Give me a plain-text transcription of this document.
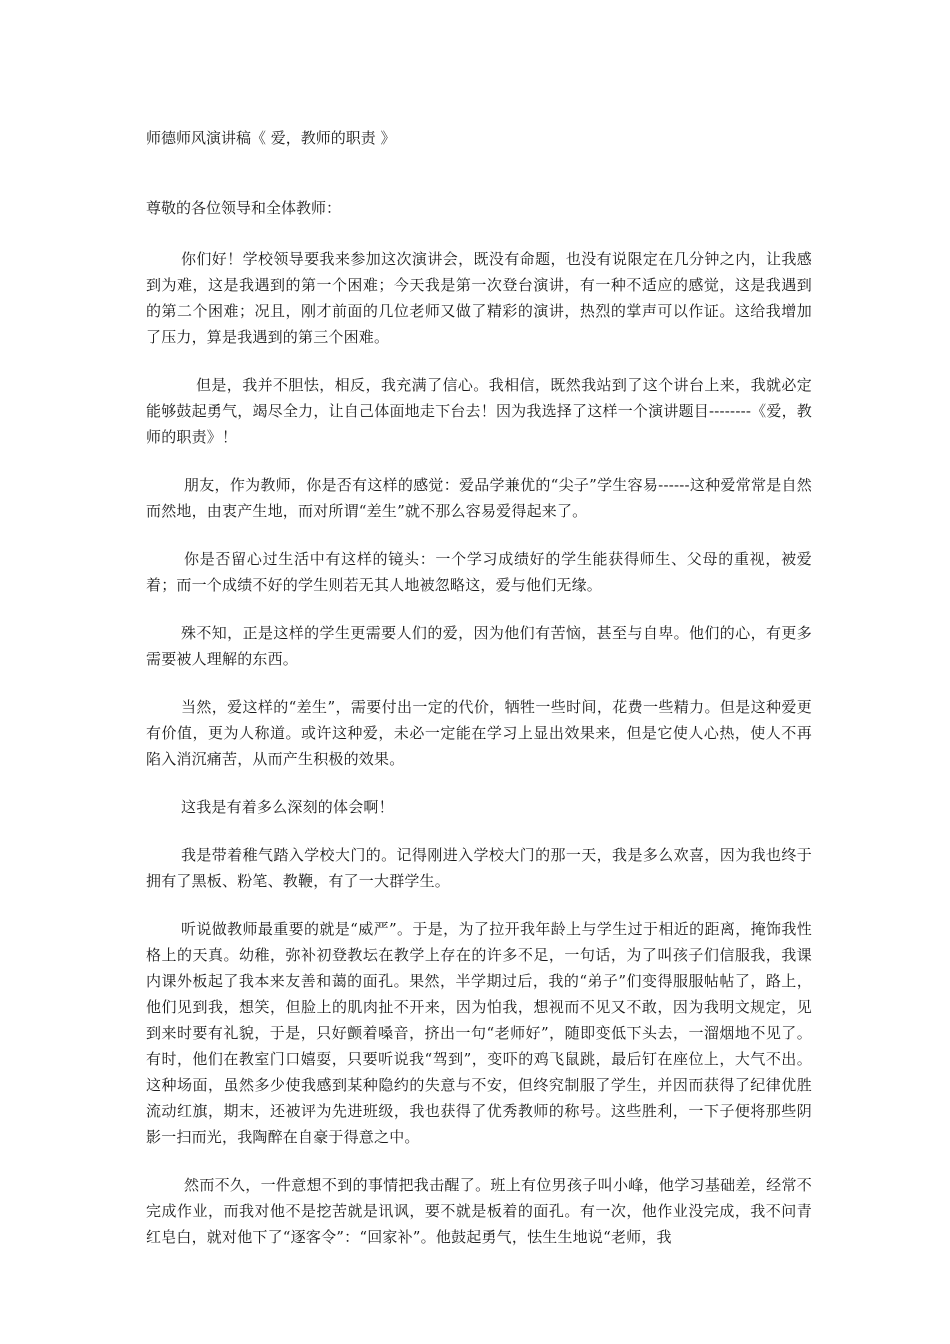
师德师风演讲稿《 爱，教师的职责 》

尊敬的各位领导和全体教师：

你们好！学校领导要我来参加这次演讲会，既没有命题，也没有说限定在几分钟之内，让我感到为难，这是我遇到的第一个困难；今天我是第一次登台演讲，有一种不适应的感觉，这是我遇到的第二个困难；况且，刚才前面的几位老师又做了精彩的演讲，热烈的掌声可以作证。这给我增加了压力，算是我遇到的第三个困难。

但是，我并不胆怯，相反，我充满了信心。我相信，既然我站到了这个讲台上来，我就必定能够鼓起勇气，竭尽全力，让自己体面地走下台去！因为我选择了这样一个演讲题目--------《爱，教师的职责》！

朋友，作为教师，你是否有这样的感觉：爱品学兼优的“尖子”学生容易------这种爱常常是自然而然地，由衷产生地，而对所谓“差生”就不那么容易爱得起来了。

你是否留心过生活中有这样的镜头：一个学习成绩好的学生能获得师生、父母的重视，被爱着；而一个成绩不好的学生则若无其人地被忽略这，爱与他们无缘。

殊不知，正是这样的学生更需要人们的爱，因为他们有苦恼，甚至与自卑。他们的心，有更多需要被人理解的东西。

当然，爱这样的“差生”，需要付出一定的代价，牺牲一些时间，花费一些精力。但是这种爱更有价值，更为人称道。或许这种爱，未必一定能在学习上显出效果来，但是它使人心热，使人不再陷入消沉痛苦，从而产生积极的效果。

这我是有着多么深刻的体会啊！

我是带着稚气踏入学校大门的。记得刚进入学校大门的那一天，我是多么欢喜，因为我也终于拥有了黑板、粉笔、教鞭，有了一大群学生。

听说做教师最重要的就是“威严”。于是，为了拉开我年龄上与学生过于相近的距离，掩饰我性格上的天真。幼稚，弥补初登教坛在教学上存在的许多不足，一句话，为了叫孩子们信服我，我课内课外板起了我本来友善和蔼的面孔。果然，半学期过后，我的“弟子”们变得服服帖帖了，路上，他们见到我，想笑，但脸上的肌肉扯不开来，因为怕我，想视而不见又不敢，因为我明文规定，见到来时要有礼貌，于是，只好颤着嗓音，挤出一句“老师好”，随即变低下头去，一溜烟地不见了。有时，他们在教室门口嬉耍，只要听说我“驾到”，变吓的鸡飞鼠跳，最后钉在座位上，大气不出。这种场面，虽然多少使我感到某种隐约的失意与不安，但终究制服了学生，并因而获得了纪律优胜流动红旗，期末，还被评为先进班级，我也获得了优秀教师的称号。这些胜利，一下子便将那些阴影一扫而光，我陶醉在自豪于得意之中。

然而不久，一件意想不到的事情把我击醒了。班上有位男孩子叫小峰，他学习基础差，经常不完成作业，而我对他不是挖苦就是讯讽，要不就是板着的面孔。有一次，他作业没完成，我不问青红皂白，就对他下了“逐客令”：“回家补”。他鼓起勇气，怯生生地说“老师，我
